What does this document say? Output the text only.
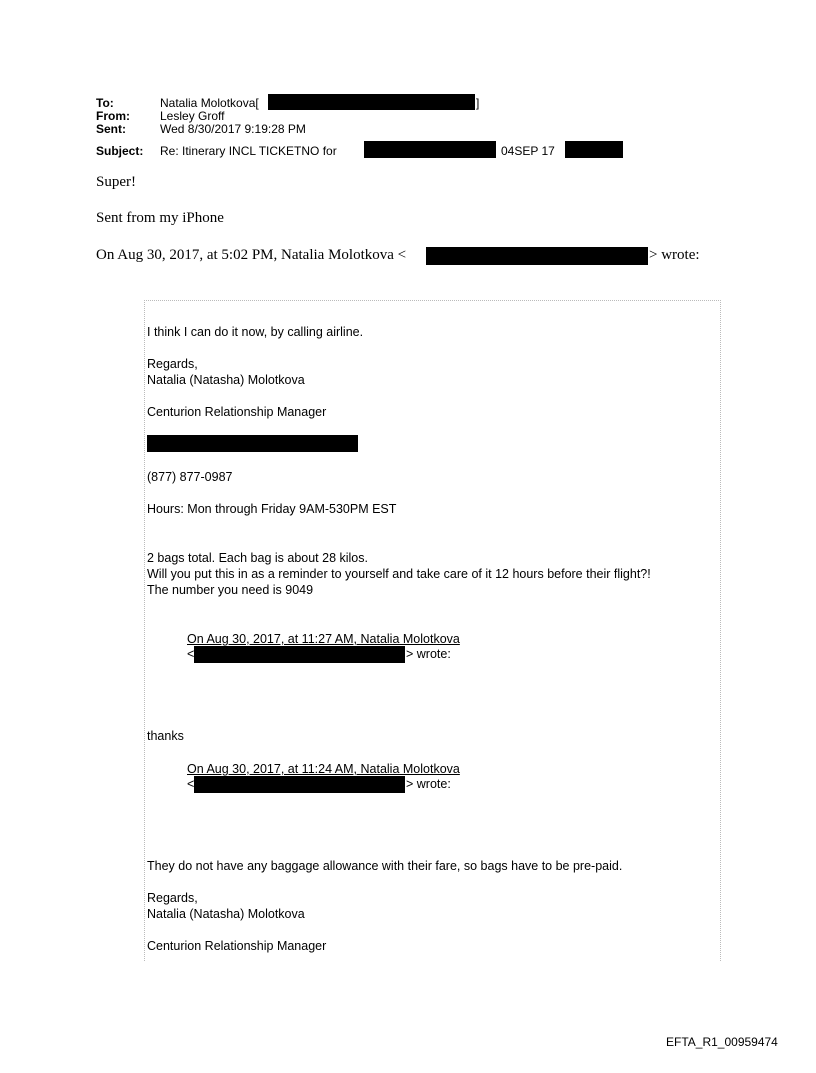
To:	Natalia Molotkova[	]
From:	Lesley Groff
Sent:	Wed 8/30/2017 9:19:28 PM
Subject: Re: Itinerary INCL TICKETNO for	04SEP 17
Super!
Sent from my iPhone
On Aug 30, 2017, at 5:02 PM, Natalia Molotkova <	> wrote:
I think I can do it now, by calling airline.
Regards,
Natalia (Natasha) Molotkova
Centurion Relationship Manager
(877) 877-0987
Hours: Mon through Friday 9AM-530PM EST
2 bags total. Each bag is about 28 kilos.
Will you put this in as a reminder to yourself and take care of it 12 hours before their flight?!
The number you need is 9049
On Aug 30, 2017, at 11:27 AM, Natalia Molotkova
<	> wrote:
thanks
On Aug 30, 2017, at 11:24 AM, Natalia Molotkova
<	> wrote:
They do not have any baggage allowance with their fare, so bags have to be pre-paid.
Regards,
Natalia (Natasha) Molotkova
Centurion Relationship Manager
EFTA_R1_00959474
